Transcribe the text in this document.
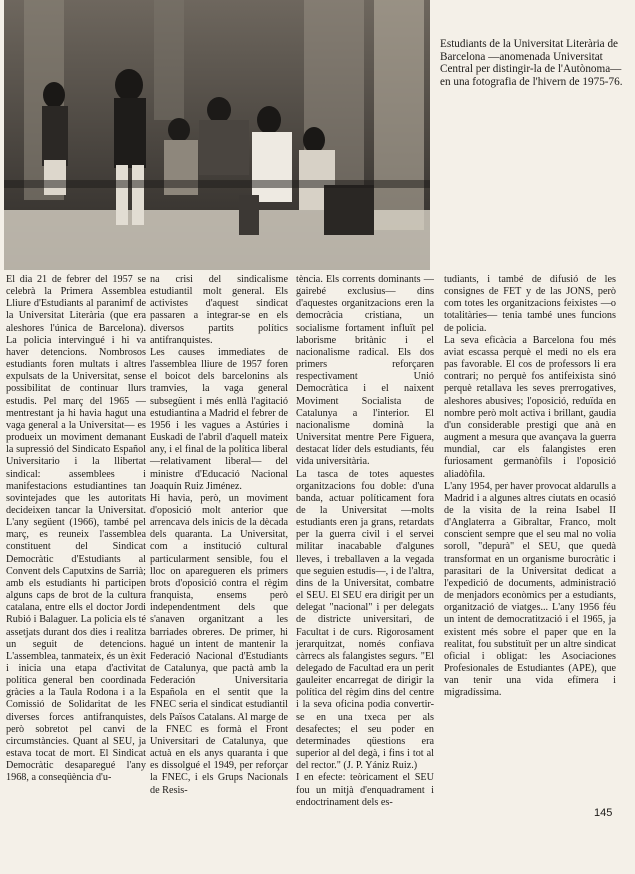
Estudiants de la Universitat Literària de Barcelona —anomenada Universitat Central per distingir-la de l'Autònoma— en una fotografia de l'hivern de 1975-76.

El dia 21 de febrer del 1957 se celebrà la Primera Assemblea Lliure d'Estudiants al paranimf de la Universitat Literària (que era aleshores l'única de Barcelona). La policia intervingué i hi va haver detencions. Nombrosos estudiants foren multats i altres expulsats de la Universitat, sense possibilitat de continuar llurs estudis. Pel març del 1965 —mentrestant ja hi havia hagut una vaga general a la Universitat— es produeix un moviment demanant la supressió del Sindicato Español Universitario i la llibertat sindical: assemblees i manifestacions estudiantines tan sovintejades que les autoritats decideixen tancar la Universitat. L'any següent (1966), també pel març, es reuneix l'assemblea constituent del Sindicat Democràtic d'Estudiants al Convent dels Caputxins de Sarrià; amb els estudiants hi participen alguns caps de brot de la cultura catalana, entre ells el doctor Jordi Rubió i Balaguer. La policia els té assetjats durant dos dies i realitza un seguit de detencions. L'assemblea, tanmateix, és un èxit i inicia una etapa d'activitat política general ben coordinada gràcies a la Taula Rodona i a la Comissió de Solidaritat de les diverses forces antifranquistes, però sobretot pel canvi de circumstàncies. Quant al SEU, ja estava tocat de mort. El Sindicat Democràtic desaparegué l'any 1968, a conseqüència d'u-

na crisi del sindicalisme estudiantil molt general. Els activistes d'aquest sindicat passaren a integrar-se en els diversos partits polítics antifranquistes.

Les causes immediates de l'assemblea lliure de 1957 foren el boicot dels barcelonins als tramvies, la vaga general subsegüent i més enllà l'agitació estudiantina a Madrid el febrer de 1956 i les vagues a Astúries i Euskadi de l'abril d'aquell mateix any, i el final de la política liberal —relativament liberal— del ministre d'Educació Nacional Joaquín Ruiz Jiménez.

Hi havia, però, un moviment d'oposició molt anterior que arrencava dels inicis de la dècada dels quaranta. La Universitat, com a institució cultural particularment sensible, fou el lloc on aparegueren els primers brots d'oposició contra el règim franquista, ensems però independentment dels que s'anaven organitzant a les barriades obreres. De primer, hi hagué un intent de mantenir la Federació Nacional d'Estudiants de Catalunya, que pactà amb la Federación Universitaria Española en el sentit que la FNEC seria el sindicat estudiantil dels Països Catalans. Al marge de la FNEC es formà el Front Universitari de Catalunya, que actuà en els anys quaranta i que es dissolgué el 1949, per reforçar la FNEC, i els Grups Nacionals de Resis-

tència. Els corrents dominants —gairebé exclusius— dins d'aquestes organitzacions eren la democràcia cristiana, un socialisme fortament influït pel laborisme britànic i el nacionalisme radical. Els dos primers reforçaren respectivament Unió Democràtica i el naixent Moviment Socialista de Catalunya a l'interior. El nacionalisme dominà la Universitat mentre Pere Figuera, destacat líder dels estudiants, féu vida universitària.

La tasca de totes aquestes organitzacions fou doble: d'una banda, actuar políticament fora de la Universitat —molts estudiants eren ja grans, retardats per la guerra civil i el servei militar inacabable d'algunes lleves, i treballaven a la vegada que seguien estudis—, i de l'altra, dins de la Universitat, combatre el SEU. El SEU era dirigit per un delegat "nacional" i per delegats de districte universitari, de Facultat i de curs. Rigorosament jerarquitzat, només confiava càrrecs als falangistes segurs. "El delegado de Facultad era un perit gauleiter encarregat de dirigir la política del règim dins del centre i la seva oficina podia convertir-se en una txeca per als desafectes; el seu poder en determinades qüestions era superior al del degà, i fins i tot al del rector." (J. P. Yániz Ruiz.)

I en efecte: teòricament el SEU fou un mitjà d'enquadrament i endoctrinament dels es-

tudiants, i també de difusió de les consignes de FET y de las JONS, però com totes les organitzacions feixistes —o totalitàries— tenia també unes funcions de policia.

La seva eficàcia a Barcelona fou més aviat escassa perquè el medi no els era pas favorable. El cos de professors li era contrari; no perquè fos antifeixista sinó perquè retallava les seves prerrogatives, aleshores abusives; l'oposició, reduïda en nombre però molt activa i brillant, gaudia d'un considerable prestigi que anà en augment a mesura que avançava la guerra mundial, car els falangistes eren furiosament germanòfils i l'oposició aliadòfila.

L'any 1954, per haver provocat aldarulls a Madrid i a algunes altres ciutats en ocasió de la visita de la reina Isabel II d'Anglaterra a Gibraltar, Franco, molt conscient sempre que el seu mal no volia soroll, "depurà" el SEU, que quedà transformat en un organisme burocràtic i parasitari de la Universitat dedicat a l'expedició de documents, administració de menjadors econòmics per a estudiants, organització de viatges... L'any 1956 féu un intent de democratització i el 1965, ja existent més sobre el paper que en la realitat, fou substituït per un altre sindicat oficial i obligat: les Asociaciones Profesionales de Estudiantes (APE), que van tenir una vida efímera i migradíssima.

145
